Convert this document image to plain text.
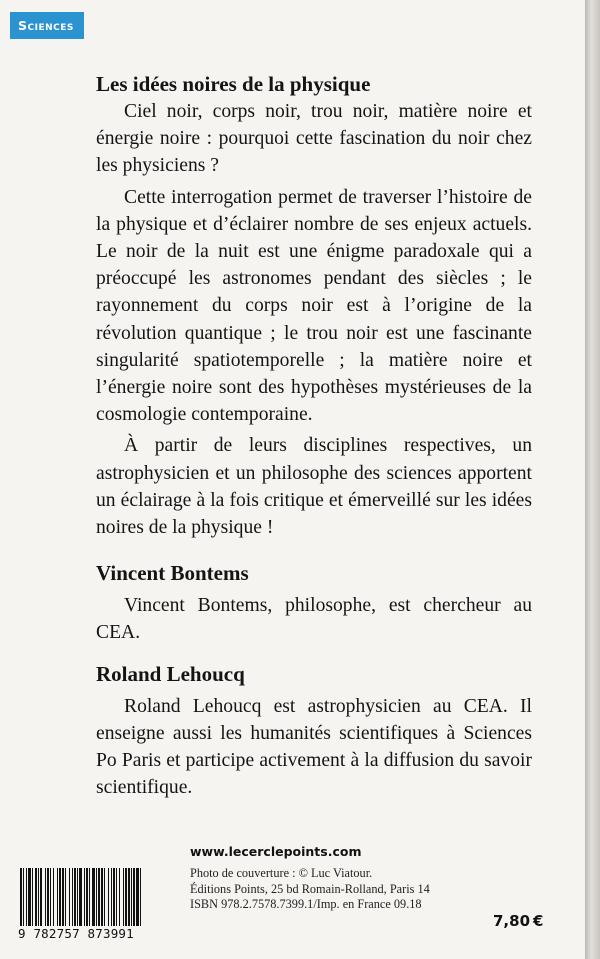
Sciences
Les idées noires de la physique

Ciel noir, corps noir, trou noir, matière noire et énergie noire : pourquoi cette fascination du noir chez les physiciens ?

Cette interrogation permet de traverser l’histoire de la physique et d’éclairer nombre de ses enjeux actuels. Le noir de la nuit est une énigme paradoxale qui a préoccupé les astronomes pendant des siècles ; le rayonnement du corps noir est à l’origine de la révolution quantique ; le trou noir est une fascinante singularité spatiotemporelle ; la matière noire et l’énergie noire sont des hypothèses mystérieuses de la cosmologie contemporaine.

À partir de leurs disciplines respectives, un astrophysicien et un philosophe des sciences apportent un éclairage à la fois critique et émerveillé sur les idées noires de la physique !

Vincent Bontems

Vincent Bontems, philosophe, est chercheur au CEA.

Roland Lehoucq

Roland Lehoucq est astrophysicien au CEA. Il enseigne aussi les humanités scientifiques à Sciences Po Paris et participe activement à la diffusion du savoir scientifique.

9 782757 873991
www.lecerclepoints.com
Photo de couverture : © Luc Viatour.
Éditions Points, 25 bd Romain-Rolland, Paris 14
ISBN 978.2.7578.7399.1/Imp. en France 09.18
7,80 €
